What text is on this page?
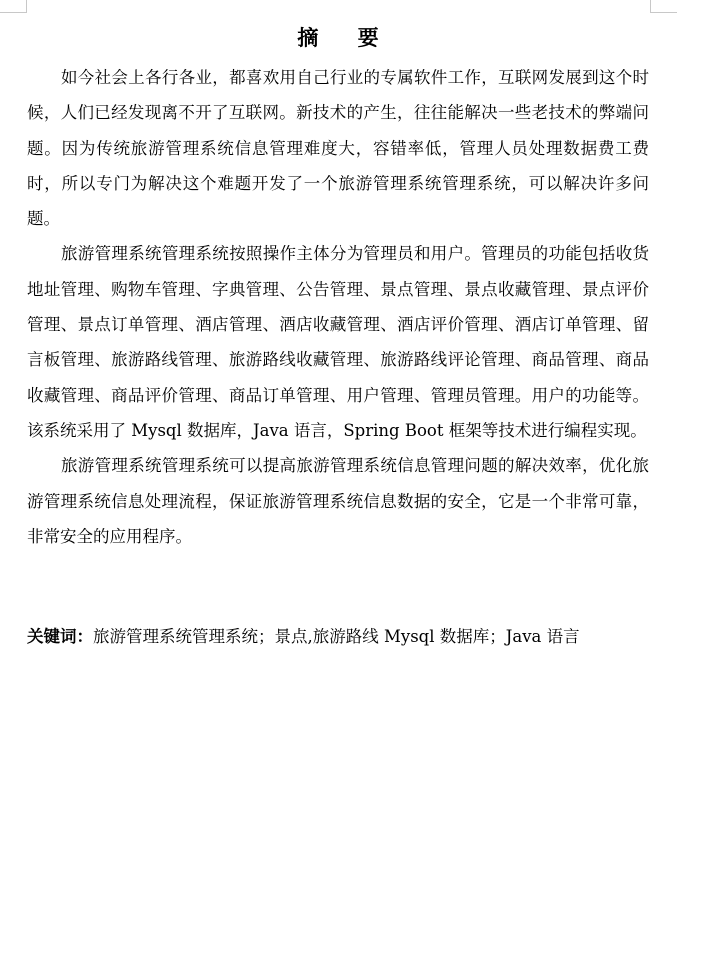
摘 要

如今社会上各行各业，都喜欢用自己行业的专属软件工作，互联网发展到这个时候，人们已经发现离不开了互联网。新技术的产生，往往能解决一些老技术的弊端问题。因为传统旅游管理系统信息管理难度大，容错率低，管理人员处理数据费工费时，所以专门为解决这个难题开发了一个旅游管理系统管理系统，可以解决许多问题。

旅游管理系统管理系统按照操作主体分为管理员和用户。管理员的功能包括收货地址管理、购物车管理、字典管理、公告管理、景点管理、景点收藏管理、景点评价管理、景点订单管理、酒店管理、酒店收藏管理、酒店评价管理、酒店订单管理、留言板管理、旅游路线管理、旅游路线收藏管理、旅游路线评论管理、商品管理、商品收藏管理、商品评价管理、商品订单管理、用户管理、管理员管理。用户的功能等。该系统采用了 Mysql 数据库，Java 语言，Spring Boot 框架等技术进行编程实现。

旅游管理系统管理系统可以提高旅游管理系统信息管理问题的解决效率，优化旅游管理系统信息处理流程，保证旅游管理系统信息数据的安全，它是一个非常可靠，非常安全的应用程序。

关键词：旅游管理系统管理系统；景点,旅游路线 Mysql 数据库；Java 语言
